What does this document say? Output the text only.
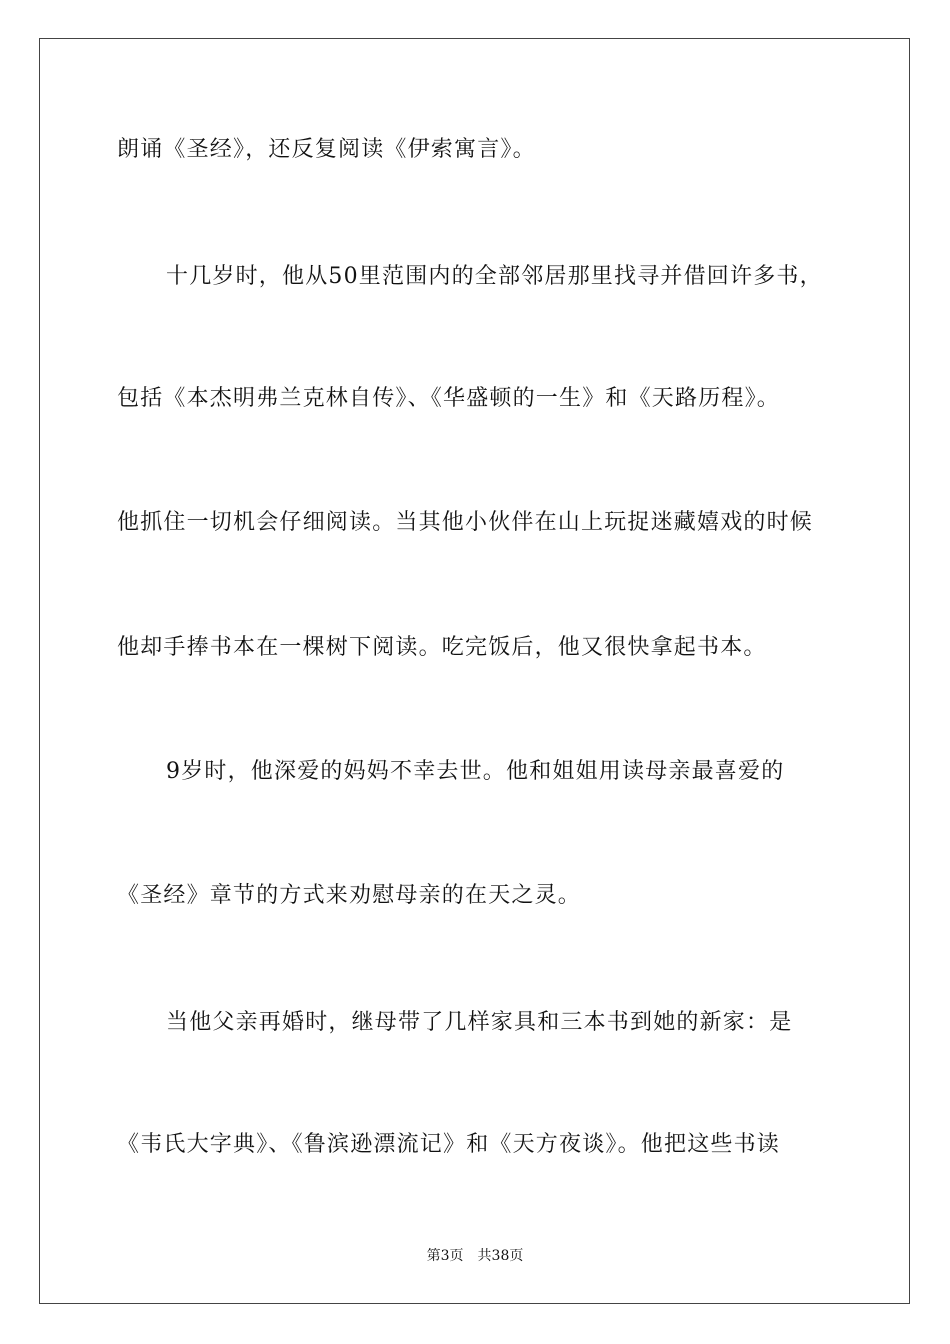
朗诵《圣经》，还反复阅读《伊索寓言》。
十几岁时，他从50里范围内的全部邻居那里找寻并借回许多书，
包括《本杰明弗兰克林自传》、《华盛顿的一生》和《天路历程》。
他抓住一切机会仔细阅读。当其他小伙伴在山上玩捉迷藏嬉戏的时候
他却手捧书本在一棵树下阅读。吃完饭后，他又很快拿起书本。
9岁时，他深爱的妈妈不幸去世。他和姐姐用读母亲最喜爱的
《圣经》章节的方式来劝慰母亲的在天之灵。
当他父亲再婚时，继母带了几样家具和三本书到她的新家：是
《韦氏大字典》、《鲁滨逊漂流记》和《天方夜谈》。他把这些书读
第3页 共38页
